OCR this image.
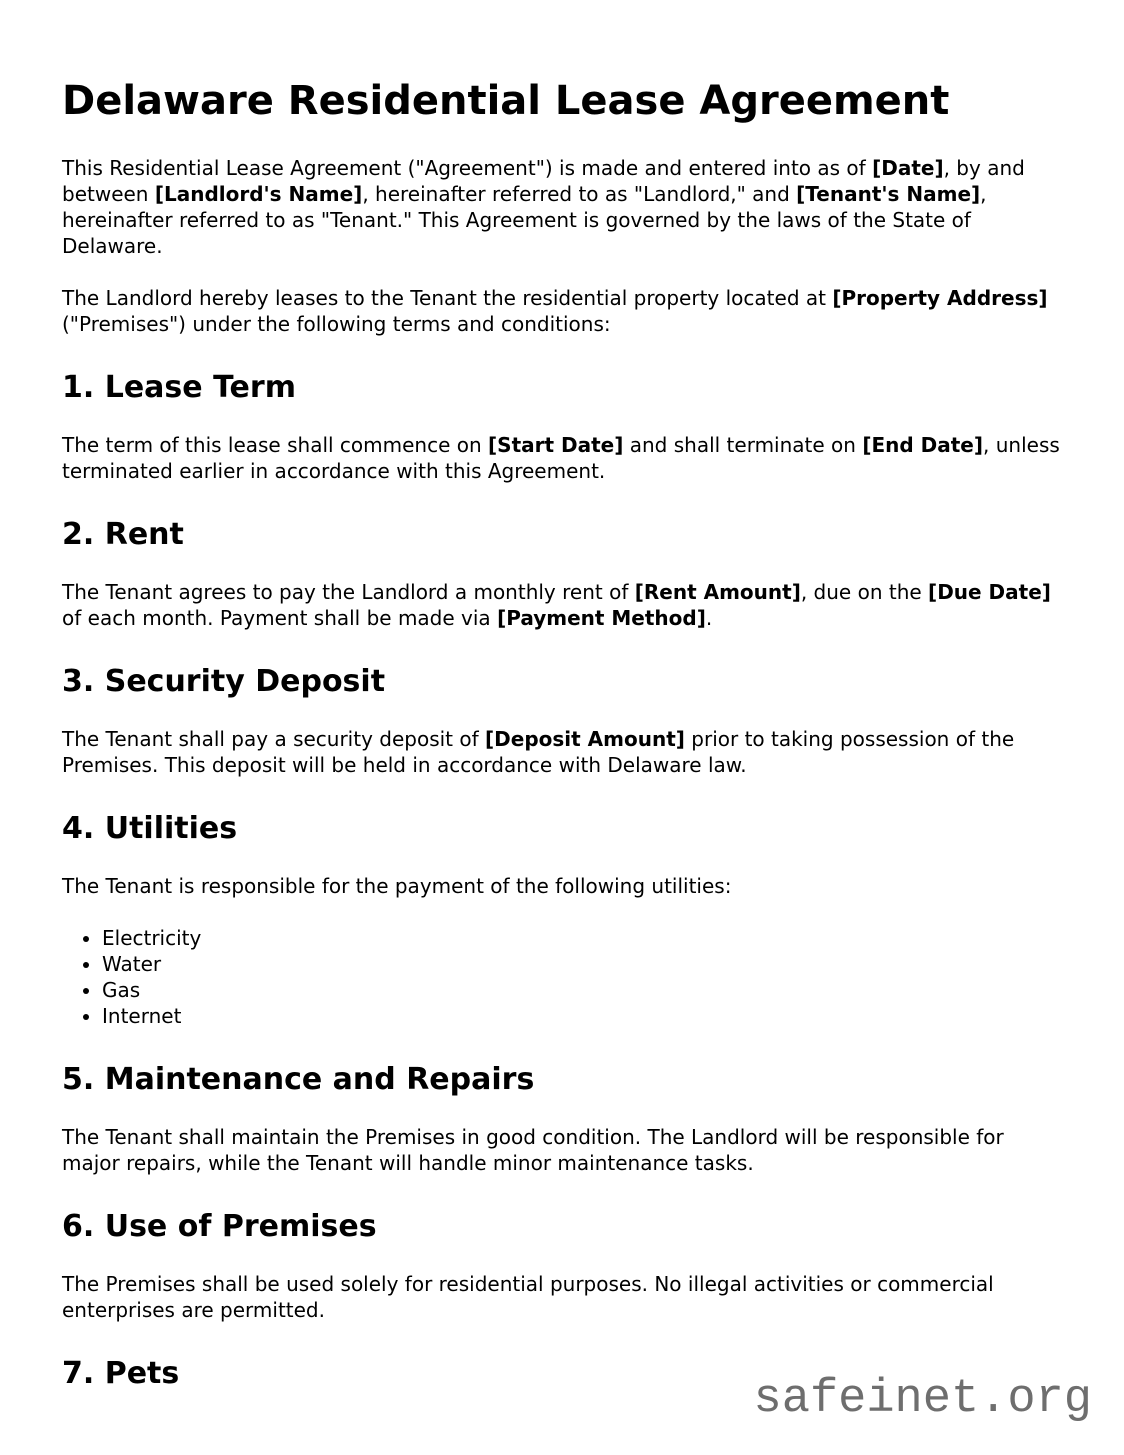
Delaware Residential Lease Agreement

This Residential Lease Agreement ("Agreement") is made and entered into as of [Date], by and between [Landlord's Name], hereinafter referred to as "Landlord," and [Tenant's Name], hereinafter referred to as "Tenant." This Agreement is governed by the laws of the State of Delaware.

The Landlord hereby leases to the Tenant the residential property located at [Property Address] ("Premises") under the following terms and conditions:

1. Lease Term

The term of this lease shall commence on [Start Date] and shall terminate on [End Date], unless terminated earlier in accordance with this Agreement.

2. Rent

The Tenant agrees to pay the Landlord a monthly rent of [Rent Amount], due on the [Due Date] of each month. Payment shall be made via [Payment Method].

3. Security Deposit

The Tenant shall pay a security deposit of [Deposit Amount] prior to taking possession of the Premises. This deposit will be held in accordance with Delaware law.

4. Utilities

The Tenant is responsible for the payment of the following utilities:

• Electricity
• Water
• Gas
• Internet
5. Maintenance and Repairs

The Tenant shall maintain the Premises in good condition. The Landlord will be responsible for major repairs, while the Tenant will handle minor maintenance tasks.

6. Use of Premises

The Premises shall be used solely for residential purposes. No illegal activities or commercial enterprises are permitted.

7. Pets	safeinet.org
